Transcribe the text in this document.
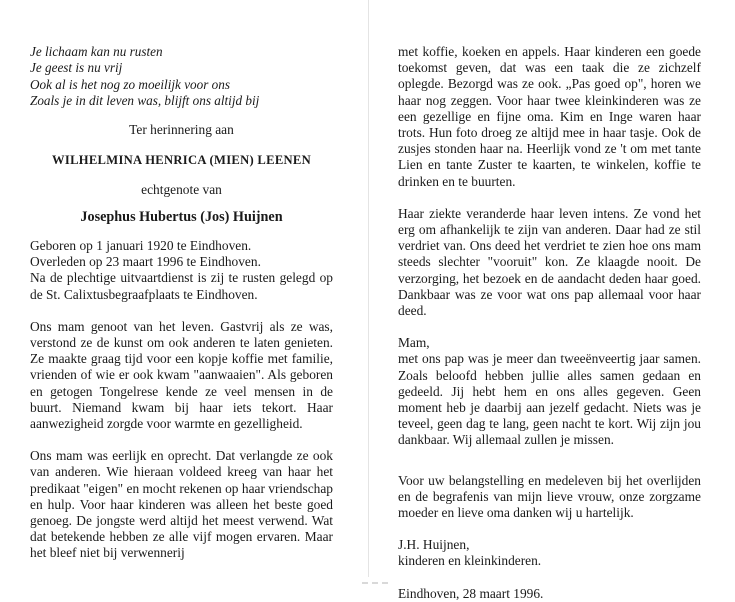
Je lichaam kan nu rusten
Je geest is nu vrij
Ook al is het nog zo moeilijk voor ons
Zoals je in dit leven was, blijft ons altijd bij
Ter herinnering aan
WILHELMINA HENRICA (MIEN) LEENEN
echtgenote van
Josephus Hubertus (Jos) Huijnen
Geboren op 1 januari 1920 te Eindhoven.
Overleden op 23 maart 1996 te Eindhoven.
Na de plechtige uitvaartdienst is zij te rusten gelegd op de St. Calixtusbegraafplaats te Eindhoven.
Ons mam genoot van het leven. Gastvrij als ze was, verstond ze de kunst om ook anderen te laten genieten. Ze maakte graag tijd voor een kopje koffie met familie, vrienden of wie er ook kwam "aanwaaien". Als geboren en getogen Tongelrese kende ze veel mensen in de buurt. Niemand kwam bij haar iets tekort. Haar aanwezigheid zorgde voor warmte en gezelligheid.
Ons mam was eerlijk en oprecht. Dat verlangde ze ook van anderen. Wie hieraan voldeed kreeg van haar het predikaat "eigen" en mocht rekenen op haar vriendschap en hulp. Voor haar kinderen was alleen het beste goed genoeg. De jongste werd altijd het meest verwend. Wat dat betekende hebben ze alle vijf mogen ervaren. Maar het bleef niet bij verwennerij
met koffie, koeken en appels. Haar kinderen een goede toekomst geven, dat was een taak die ze zichzelf oplegde. Bezorgd was ze ook. „Pas goed op", horen we haar nog zeggen. Voor haar twee kleinkinderen was ze een gezellige en fijne oma. Kim en Inge waren haar trots. Hun foto droeg ze altijd mee in haar tasje. Ook de zusjes stonden haar na. Heerlijk vond ze 't om met tante Lien en tante Zuster te kaarten, te winkelen, koffie te drinken en te buurten.
Haar ziekte veranderde haar leven intens. Ze vond het erg om afhankelijk te zijn van anderen. Daar had ze stil verdriet van. Ons deed het verdriet te zien hoe ons mam steeds slechter "vooruit" kon. Ze klaagde nooit. De verzorging, het bezoek en de aandacht deden haar goed. Dankbaar was ze voor wat ons pap allemaal voor haar deed.
Mam,
met ons pap was je meer dan tweeënveertig jaar samen. Zoals beloofd hebben jullie alles samen gedaan en gedeeld. Jij hebt hem en ons alles gegeven. Geen moment heb je daarbij aan jezelf gedacht. Niets was je teveel, geen dag te lang, geen nacht te kort. Wij zijn jou dankbaar. Wij allemaal zullen je missen.
Voor uw belangstelling en medeleven bij het overlijden en de begrafenis van mijn lieve vrouw, onze zorgzame moeder en lieve oma danken wij u hartelijk.
J.H. Huijnen,
kinderen en kleinkinderen.
Eindhoven, 28 maart 1996.
